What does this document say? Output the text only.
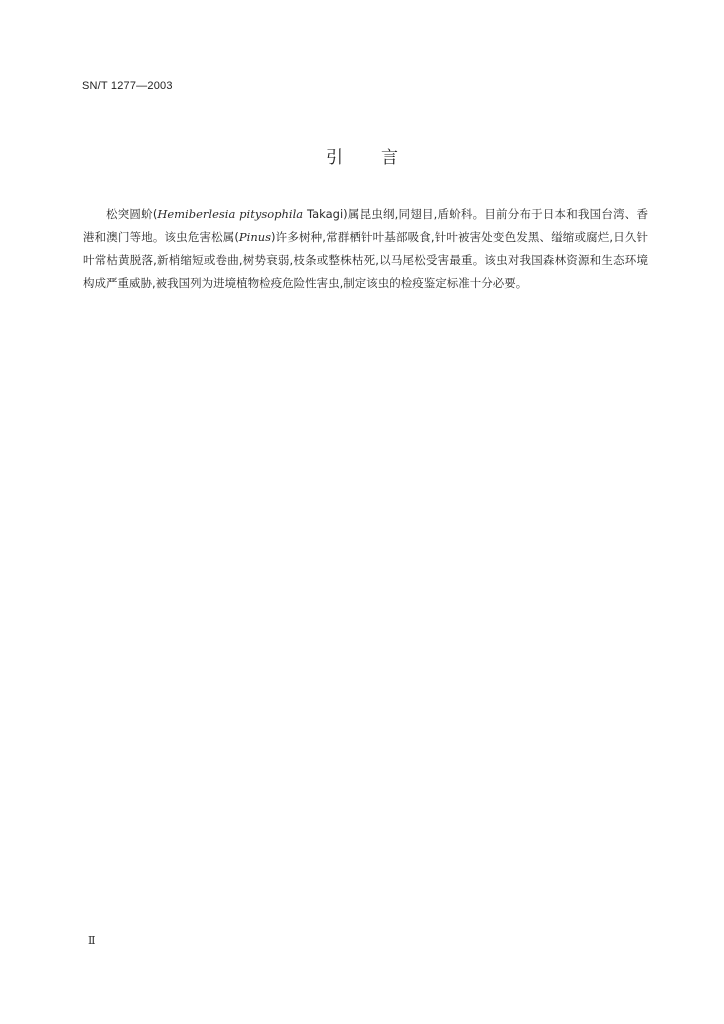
SN/T 1277—2003
引言

松突圆蚧(Hemiberlesia pitysophila Takagi)属昆虫纲,同翅目,盾蚧科。目前分布于日本和我国台湾、香港和澳门等地。该虫危害松属(Pinus)许多树种,常群栖针叶基部吸食,针叶被害处变色发黑、缢缩或腐烂,日久针叶常枯黄脱落,新梢缩短或卷曲,树势衰弱,枝条或整株枯死,以马尾松受害最重。该虫对我国森林资源和生态环境构成严重威胁,被我国列为进境植物检疫危险性害虫,制定该虫的检疫鉴定标准十分必要。

Ⅱ
